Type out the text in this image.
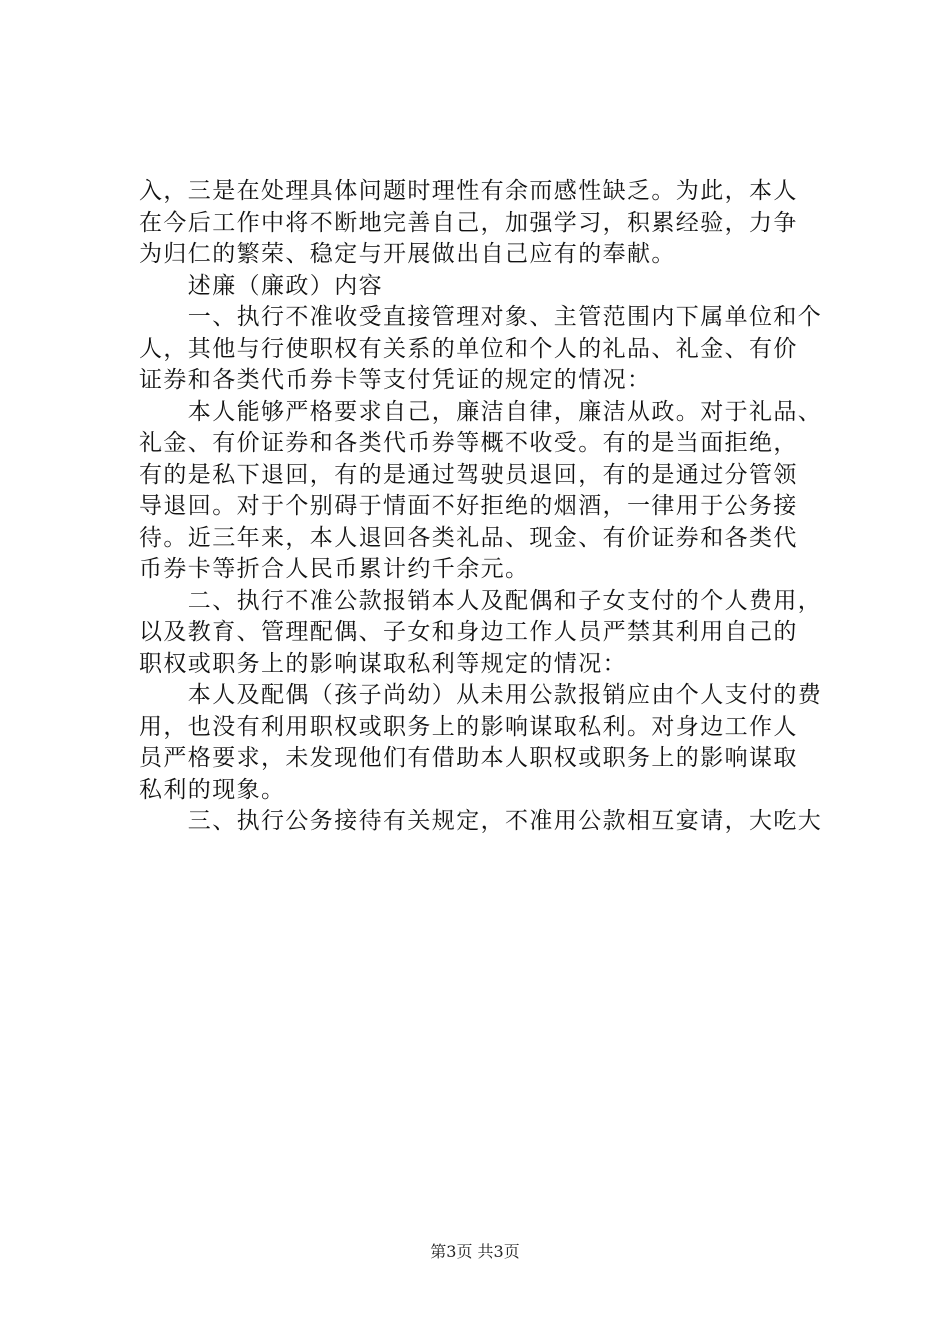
入，三是在处理具体问题时理性有余而感性缺乏。为此，本人
在今后工作中将不断地完善自己，加强学习，积累经验，力争
为归仁的繁荣、稳定与开展做出自己应有的奉献。
　　述廉（廉政）内容
　　一、执行不准收受直接管理对象、主管范围内下属单位和个
人，其他与行使职权有关系的单位和个人的礼品、礼金、有价
证券和各类代币券卡等支付凭证的规定的情况：
　　本人能够严格要求自己，廉洁自律，廉洁从政。对于礼品、
礼金、有价证券和各类代币券等概不收受。有的是当面拒绝，
有的是私下退回，有的是通过驾驶员退回，有的是通过分管领
导退回。对于个别碍于情面不好拒绝的烟酒，一律用于公务接
待。近三年来，本人退回各类礼品、现金、有价证券和各类代
币券卡等折合人民币累计约千余元。
　　二、执行不准公款报销本人及配偶和子女支付的个人费用，
以及教育、管理配偶、子女和身边工作人员严禁其利用自己的
职权或职务上的影响谋取私利等规定的情况：
　　本人及配偶（孩子尚幼）从未用公款报销应由个人支付的费
用，也没有利用职权或职务上的影响谋取私利。对身边工作人
员严格要求，未发现他们有借助本人职权或职务上的影响谋取
私利的现象。
　　三、执行公务接待有关规定，不准用公款相互宴请，大吃大
第3页 共3页
